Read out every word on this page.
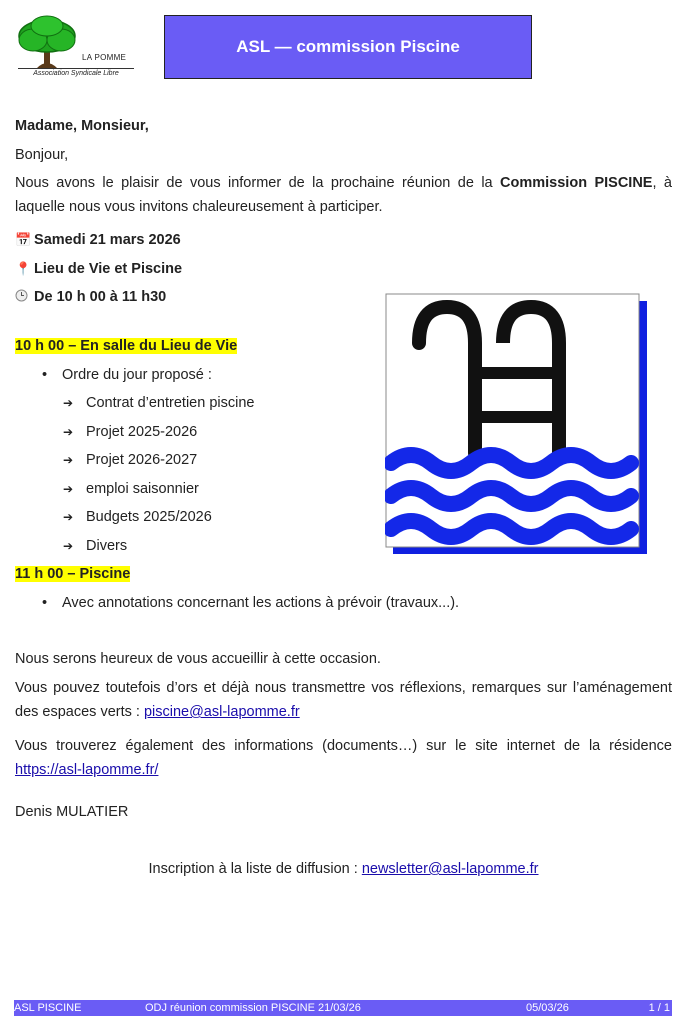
LA POMME
Association Syndicale Libre
ASL — commission Piscine
Madame, Monsieur,
Bonjour,
Nous avons le plaisir de vous informer de la prochaine réunion de la Commission PISCINE, à laquelle nous vous invitons chaleureusement à participer.
📅 Samedi 21 mars 2026
📍 Lieu de Vie et Piscine
De 10 h 00 à 11 h30
10 h 00 – En salle du Lieu de Vie
• Ordre du jour proposé :
➔ Contrat d’entretien piscine
➔ Projet 2025-2026
➔ Projet 2026-2027
➔ emploi saisonnier
➔ Budgets 2025/2026
➔ Divers
11 h 00 – Piscine
• Avec annotations concernant les actions à prévoir (travaux...).
Nous serons heureux de vous accueillir à cette occasion.
Vous pouvez toutefois d’ors et déjà nous transmettre vos réflexions, remarques sur l’aménagement des espaces verts : piscine@asl-lapomme.fr
Vous trouverez également des informations (documents…) sur le site internet de la résidence https://asl-lapomme.fr/
Denis MULATIER
Inscription à la liste de diffusion : newsletter@asl-lapomme.fr
ASL PISCINE	ODJ réunion commission PISCINE 21/03/26	05/03/26	1 / 1
